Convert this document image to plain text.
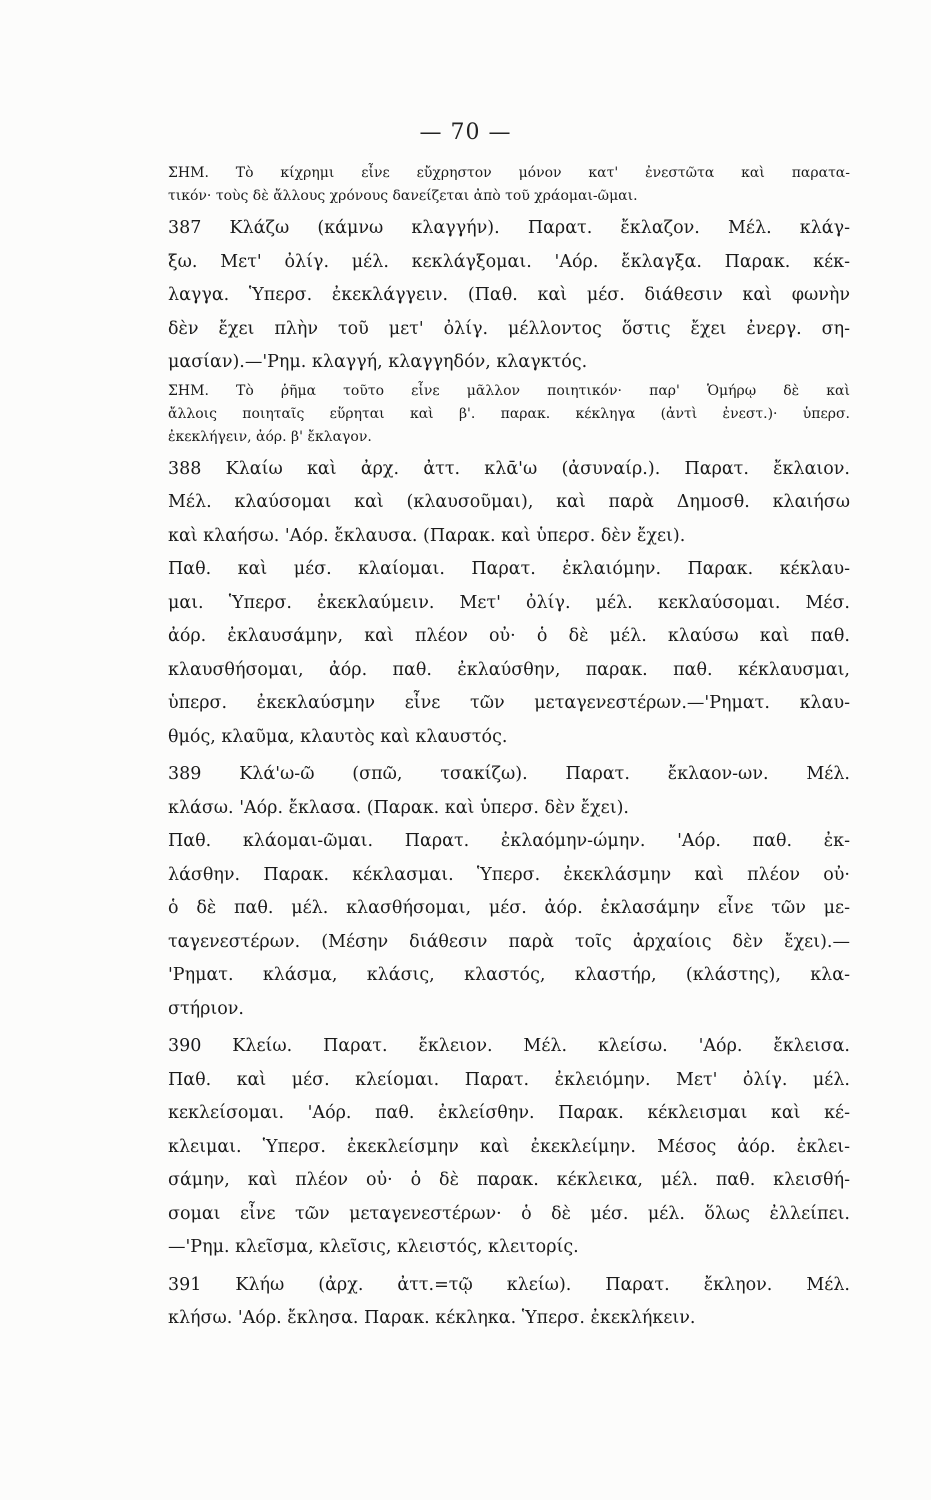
— 70 —
ΣΗΜ. Τὸ κίχρημι εἶνε εὔχρηστον μόνον κατ' ἐνεστῶτα καὶ παρατα-
τικόν· τοὺς δὲ ἄλλους χρόνους δανείζεται ἀπὸ τοῦ χράομαι-ῶμαι.
387 Κλάζω (κάμνω κλαγγήν). Παρατ. ἔκλαζον. Μέλ. κλάγ-
ξω. Μετ' ὀλίγ. μέλ. κεκλάγξομαι. 'Αόρ. ἔκλαγξα. Παρακ. κέκ-
λαγγα. Ὑπερσ. ἐκεκλάγγειν. (Παθ. καὶ μέσ. διάθεσιν καὶ φωνὴν
δὲν ἔχει πλὴν τοῦ μετ' ὀλίγ. μέλλοντος ὅστις ἔχει ἐνεργ. ση-
μασίαν).—'Ρημ. κλαγγή, κλαγγηδόν, κλαγκτός.
ΣΗΜ. Τὸ ῥῆμα τοῦτο εἶνε μᾶλλον ποιητικόν· παρ' Ὁμήρῳ δὲ καὶ
ἄλλοις ποιηταῖς εὕρηται καὶ β'. παρακ. κέκληγα (ἀντὶ ἐνεστ.)· ὑπερσ.
ἐκεκλήγειν, ἀόρ. β' ἔκλαγον.
388 Κλαίω καὶ ἀρχ. ἀττ. κλᾱ'ω (ἀσυναίρ.). Παρατ. ἔκλαιον.
Μέλ. κλαύσομαι καὶ (κλαυσοῦμαι), καὶ παρὰ Δημοσθ. κλαιήσω
καὶ κλαήσω. 'Αόρ. ἔκλαυσα. (Παρακ. καὶ ὑπερσ. δὲν ἔχει).
Παθ. καὶ μέσ. κλαίομαι. Παρατ. ἐκλαιόμην. Παρακ. κέκλαυ-
μαι. Ὑπερσ. ἐκεκλαύμειν. Μετ' ὀλίγ. μέλ. κεκλαύσομαι. Μέσ.
ἀόρ. ἐκλαυσάμην, καὶ πλέον οὐ· ὁ δὲ μέλ. κλαύσω καὶ παθ.
κλαυσθήσομαι, ἀόρ. παθ. ἐκλαύσθην, παρακ. παθ. κέκλαυσμαι,
ὑπερσ. ἐκεκλαύσμην εἶνε τῶν μεταγενεστέρων.—'Ρηματ. κλαυ-
θμός, κλαῦμα, κλαυτὸς καὶ κλαυστός.
389 Κλά'ω-ῶ (σπῶ, τσακίζω). Παρατ. ἔκλαον-ων. Μέλ.
κλάσω. 'Αόρ. ἔκλασα. (Παρακ. καὶ ὑπερσ. δὲν ἔχει).
Παθ. κλάομαι-ῶμαι. Παρατ. ἐκλαόμην-ώμην. 'Αόρ. παθ. ἐκ-
λάσθην. Παρακ. κέκλασμαι. Ὑπερσ. ἐκεκλάσμην καὶ πλέον οὐ·
ὁ δὲ παθ. μέλ. κλασθήσομαι, μέσ. ἀόρ. ἐκλασάμην εἶνε τῶν με-
ταγενεστέρων. (Μέσην διάθεσιν παρὰ τοῖς ἀρχαίοις δὲν ἔχει).—
'Ρηματ. κλάσμα, κλάσις, κλαστός, κλαστήρ, (κλάστης), κλα-
στήριον.
390 Κλείω. Παρατ. ἔκλειον. Μέλ. κλείσω. 'Αόρ. ἔκλεισα.
Παθ. καὶ μέσ. κλείομαι. Παρατ. ἐκλειόμην. Μετ' ὀλίγ. μέλ.
κεκλείσομαι. 'Αόρ. παθ. ἐκλείσθην. Παρακ. κέκλεισμαι καὶ κέ-
κλειμαι. Ὑπερσ. ἐκεκλείσμην καὶ ἐκεκλείμην. Μέσος ἀόρ. ἐκλει-
σάμην, καὶ πλέον οὐ· ὁ δὲ παρακ. κέκλεικα, μέλ. παθ. κλεισθή-
σομαι εἶνε τῶν μεταγενεστέρων· ὁ δὲ μέσ. μέλ. ὅλως ἐλλείπει.
—'Ρημ. κλεῖσμα, κλεῖσις, κλειστός, κλειτορίς.
391 Κλήω (ἀρχ. ἀττ.=τῷ κλείω). Παρατ. ἔκληον. Μέλ.
κλήσω. 'Αόρ. ἔκλησα. Παρακ. κέκληκα. Ὑπερσ. ἐκεκλήκειν.
